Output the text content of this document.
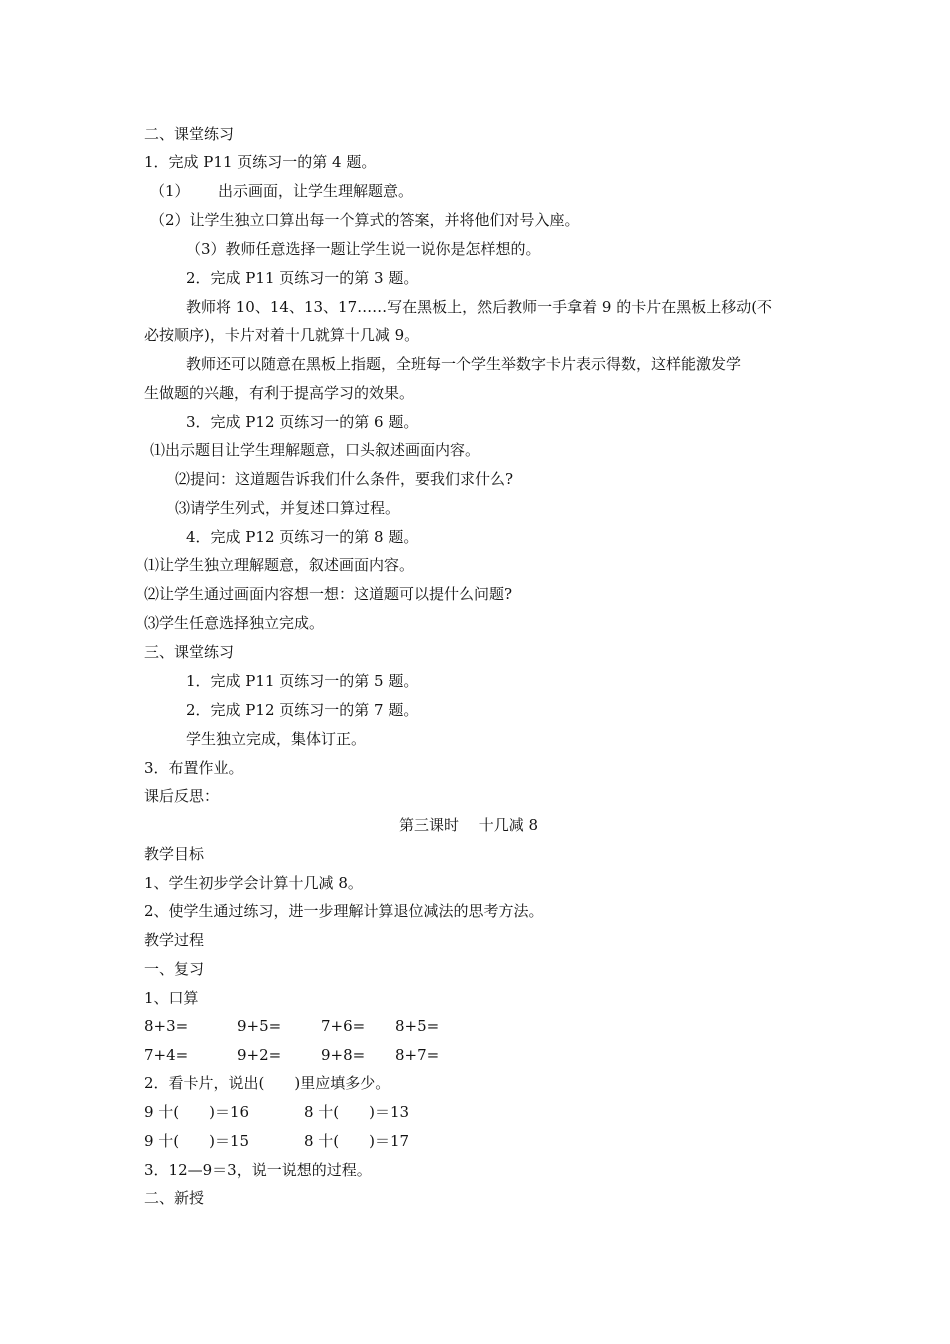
二、课堂练习
1．完成 P11 页练习一的第 4 题。
（1） 出示画面，让学生理解题意。
（2）让学生独立口算出每一个算式的答案，并将他们对号入座。
（3）教师任意选择一题让学生说一说你是怎样想的。
2．完成 P11 页练习一的第 3 题。
教师将 10、14、13、17……写在黑板上，然后教师一手拿着 9 的卡片在黑板上移动(不
必按顺序)，卡片对着十几就算十几减 9。
教师还可以随意在黑板上指题，全班每一个学生举数字卡片表示得数，这样能激发学
生做题的兴趣，有利于提高学习的效果。
3．完成 P12 页练习一的第 6 题。
⑴出示题目让学生理解题意，口头叙述画面内容。
⑵提问：这道题告诉我们什么条件，要我们求什么?
⑶请学生列式，并复述口算过程。
4．完成 P12 页练习一的第 8 题。
⑴让学生独立理解题意，叙述画面内容。
⑵让学生通过画面内容想一想：这道题可以提什么问题?
⑶学生任意选择独立完成。
三、课堂练习
1．完成 P11 页练习一的第 5 题。
2．完成 P12 页练习一的第 7 题。
学生独立完成，集体订正。
3．布置作业。
课后反思：
第三课时　 十几减 8
教学目标
1、学生初步学会计算十几减 8。
2、使学生通过练习，进一步理解计算退位减法的思考方法。
教学过程
一、复习
1、口算
8+3=	9+5=	7+6= 8+5=
7+4=	9+2=	9+8= 8+7=
2．看卡片，说出(　　)里应填多少。
9 十(　　)＝16	8 十(　　)＝13
9 十(　　)＝15	8 十(　　)＝17
3．12—9＝3，说一说想的过程。
二、新授
